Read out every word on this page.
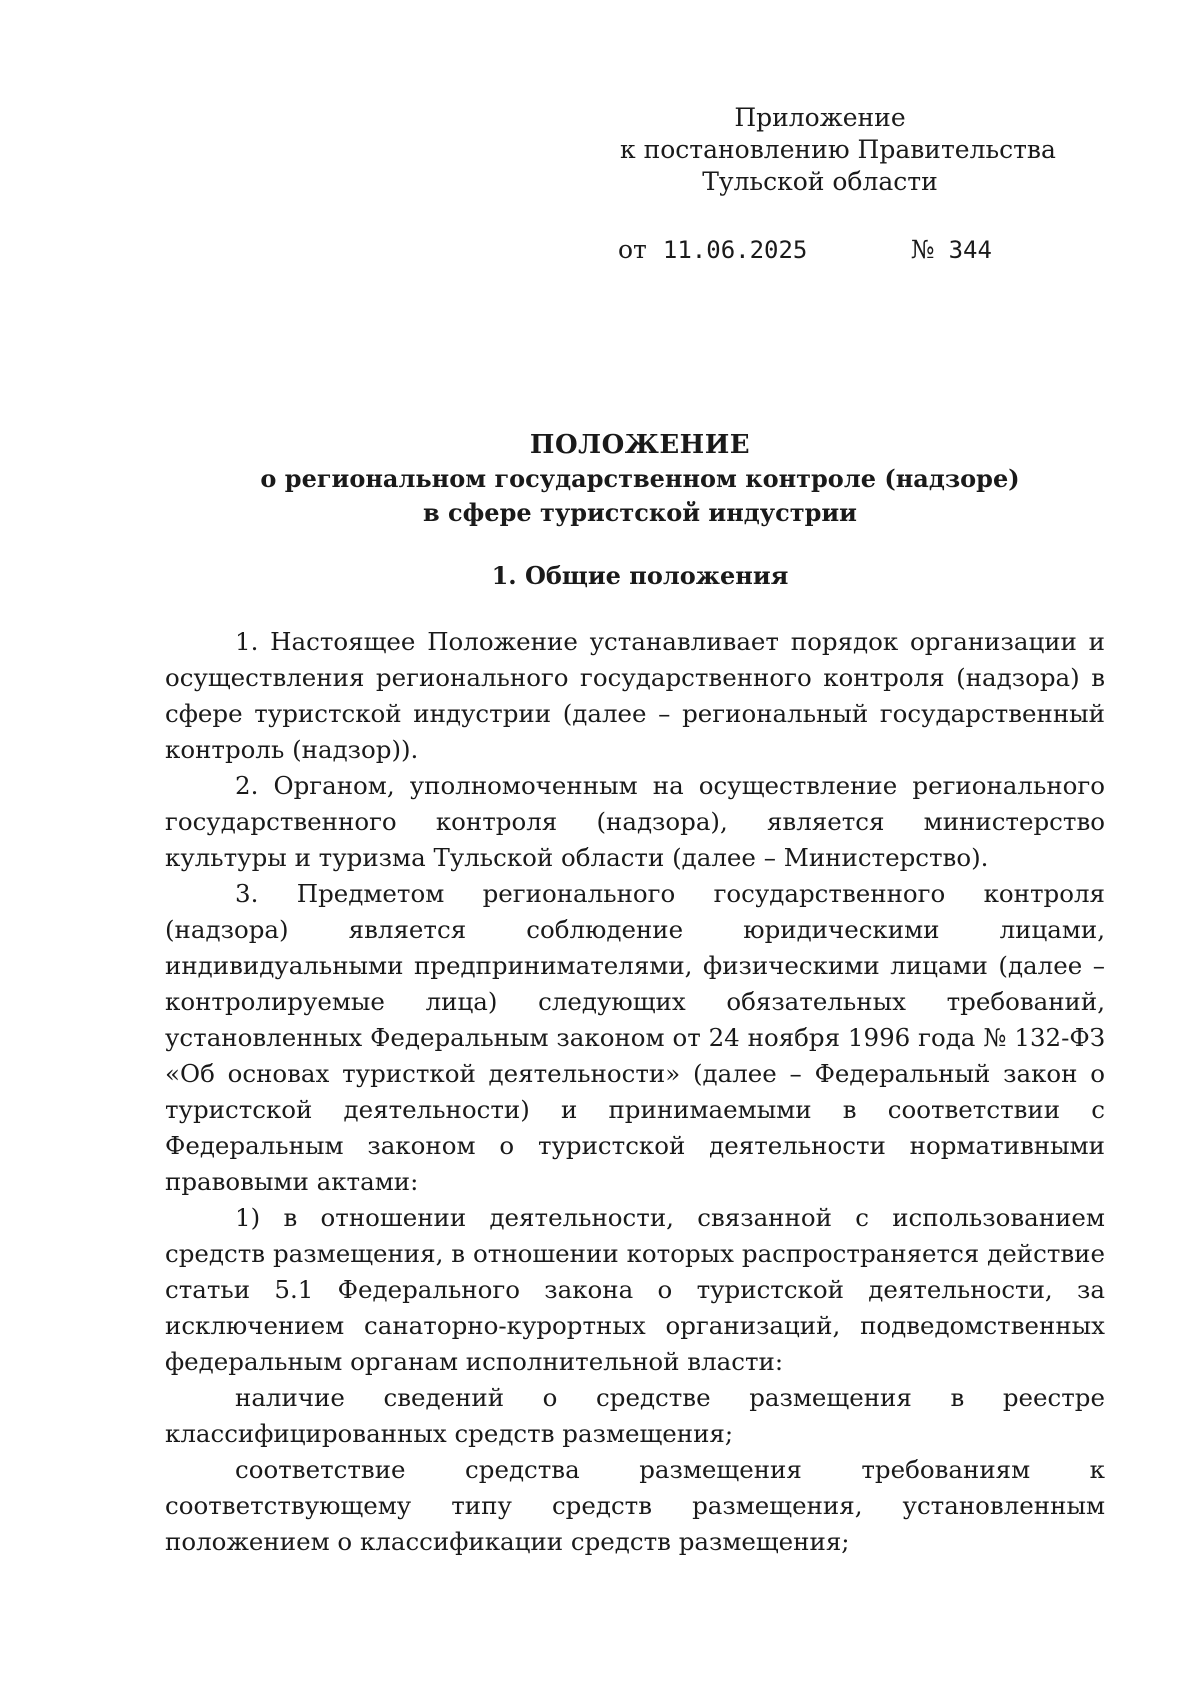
Приложение
к постановлению Правительства
Тульской области
от 11.06.2025	№ 344
ПОЛОЖЕНИЕ
о региональном государственном контроле (надзоре)
в сфере туристской индустрии
1. Общие положения

1. Настоящее Положение устанавливает порядок организации и осуществления регионального государственного контроля (надзора) в сфере туристской индустрии (далее – региональный государственный контроль (надзор)).

2. Органом, уполномоченным на осуществление регионального государственного контроля (надзора), является министерство культуры и туризма Тульской области (далее – Министерство).

3. Предметом регионального государственного контроля (надзора) является соблюдение юридическими лицами, индивидуальными предпринимателями, физическими лицами (далее – контролируемые лица) следующих обязательных требований, установленных Федеральным законом от 24 ноября 1996 года № 132-ФЗ «Об основах туристкой деятельности» (далее – Федеральный закон о туристской деятельности) и принимаемыми в соответствии с Федеральным законом о туристской деятельности нормативными правовыми актами:

1) в отношении деятельности, связанной с использованием средств размещения, в отношении которых распространяется действие статьи 5.1 Федерального закона о туристской деятельности, за исключением санаторно-курортных организаций, подведомственных федеральным органам исполнительной власти:

наличие сведений о средстве размещения в реестре классифицированных средств размещения;

соответствие средства размещения требованиям к соответствующему типу средств размещения, установленным положением о классификации средств размещения;
